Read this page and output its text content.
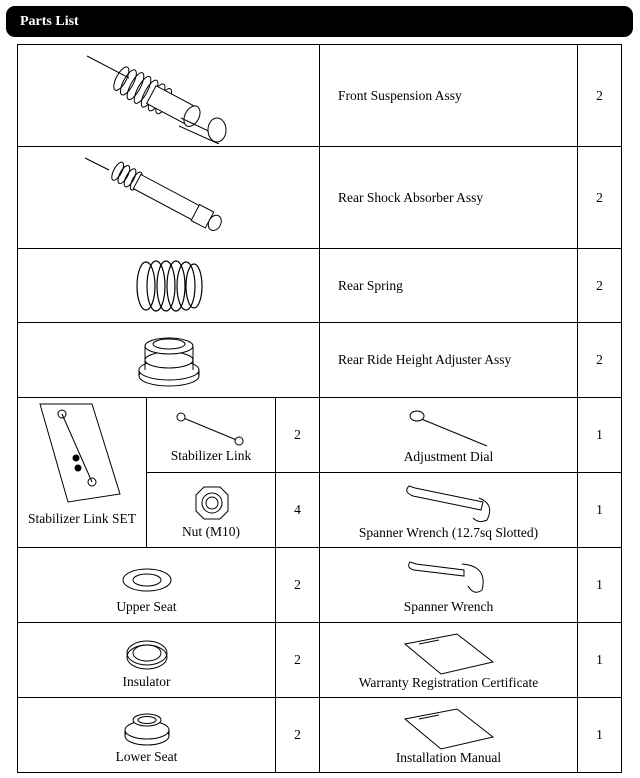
Parts List
	Front Suspension Assy	2

	Rear Shock Absorber Assy	2

	Rear Spring	2

	Rear Ride Height Adjuster Assy	2

Stabilizer Link SET	Stabilizer Link	2	Adjustment Dial	1

	Nut (M10)	4	Spanner Wrench (12.7sq Slotted)	1

Upper Seat		2	Spanner Wrench	1

Insulator		2	Warranty Registration Certificate	1

Lower Seat		2	Installation Manual	1
